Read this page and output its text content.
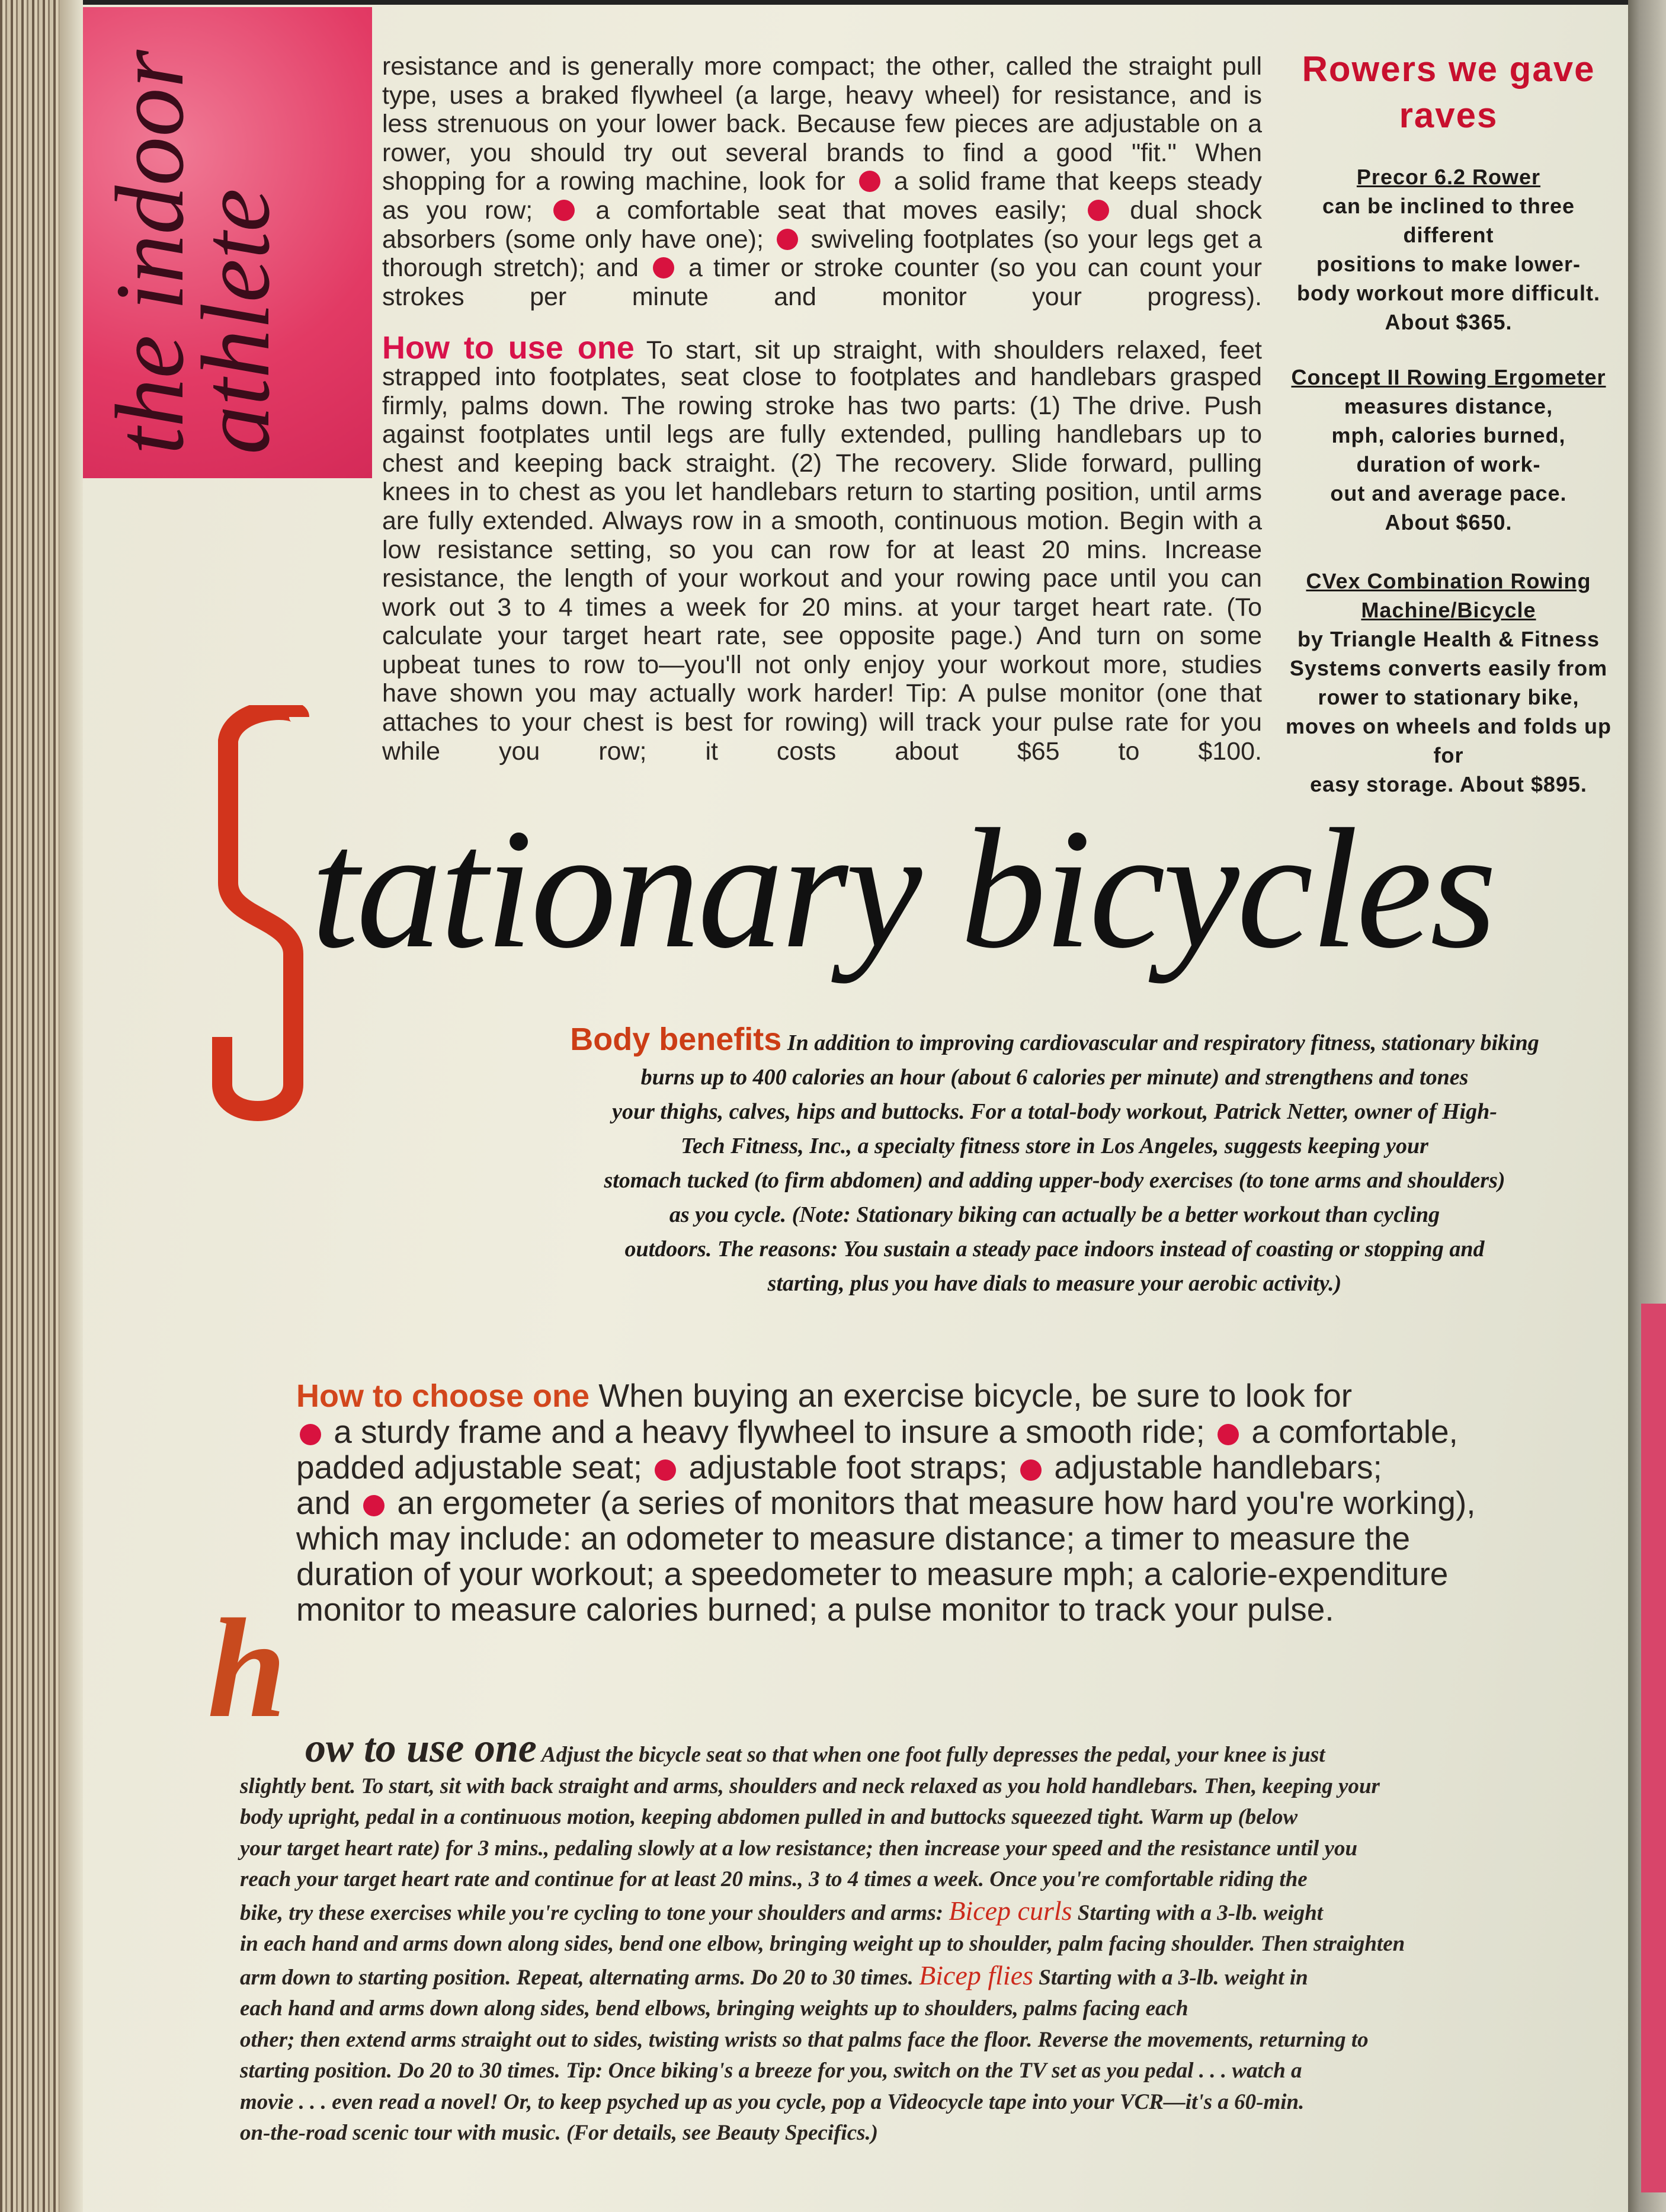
the indoor athlete
resistance and is generally more compact; the other, called the straight pull
type, uses a braked flywheel (a large, heavy wheel) for resistance, and is
less strenuous on your lower back. Because few pieces are adjustable on a
rower, you should try out several brands to find a good "fit." When
shopping for a rowing machine, look for  a solid frame that keeps steady
as you row;  a comfortable seat that moves easily;  dual shock
absorbers (some only have one);  swiveling footplates (so your legs get a
thorough stretch); and  a timer or stroke counter (so you can count your
strokes per minute and monitor your progress).
How to use one To start, sit up straight, with shoulders relaxed, feet
strapped into footplates, seat close to footplates and handlebars grasped
firmly, palms down. The rowing stroke has two parts: (1) The drive. Push
against footplates until legs are fully extended, pulling handlebars up to
chest and keeping back straight. (2) The recovery. Slide forward, pulling
knees in to chest as you let handlebars return to starting position, until arms
are fully extended. Always row in a smooth, continuous motion. Begin with a
low resistance setting, so you can row for at least 20 mins. Increase
resistance, the length of your workout and your rowing pace until you can
work out 3 to 4 times a week for 20 mins. at your target heart rate. (To
calculate your target heart rate, see opposite page.) And turn on some
upbeat tunes to row to—you'll not only enjoy your workout more, studies
have shown you may actually work harder! Tip: A pulse monitor (one that
attaches to your chest is best for rowing) will track your pulse rate for you
while you row; it costs about $65 to $100.
Rowers we gave raves
Precor 6.2 Rower
can be inclined to three different
positions to make lower-
body workout more difficult.
About $365.
Concept II Rowing Ergometer
measures distance,
mph, calories burned,
duration of work-
out and average pace.
About $650.
CVex Combination Rowing Machine/Bicycle
by Triangle Health & Fitness
Systems converts easily from
rower to stationary bike,
moves on wheels and folds up for
easy storage. About $895.
tationary bicycles
Body benefits In addition to improving cardiovascular and respiratory fitness, stationary biking
burns up to 400 calories an hour (about 6 calories per minute) and strengthens and tones
your thighs, calves, hips and buttocks. For a total-body workout, Patrick Netter, owner of High-
Tech Fitness, Inc., a specialty fitness store in Los Angeles, suggests keeping your
stomach tucked (to firm abdomen) and adding upper-body exercises (to tone arms and shoulders)
as you cycle. (Note: Stationary biking can actually be a better workout than cycling
outdoors. The reasons: You sustain a steady pace indoors instead of coasting or stopping and
starting, plus you have dials to measure your aerobic activity.)
How to choose one When buying an exercise bicycle, be sure to look for
a sturdy frame and a heavy flywheel to insure a smooth ride;  a comfortable,
padded adjustable seat;  adjustable foot straps;  adjustable handlebars;
and  an ergometer (a series of monitors that measure how hard you're working),
which may include: an odometer to measure distance; a timer to measure the
duration of your workout; a speedometer to measure mph; a calorie-expenditure
monitor to measure calories burned; a pulse monitor to track your pulse.
h
ow to use one Adjust the bicycle seat so that when one foot fully depresses the pedal, your knee is just
slightly bent. To start, sit with back straight and arms, shoulders and neck relaxed as you hold handlebars. Then, keeping your
body upright, pedal in a continuous motion, keeping abdomen pulled in and buttocks squeezed tight. Warm up (below
your target heart rate) for 3 mins., pedaling slowly at a low resistance; then increase your speed and the resistance until you
reach your target heart rate and continue for at least 20 mins., 3 to 4 times a week. Once you're comfortable riding the
bike, try these exercises while you're cycling to tone your shoulders and arms: Bicep curls Starting with a 3-lb. weight
in each hand and arms down along sides, bend one elbow, bringing weight up to shoulder, palm facing shoulder. Then straighten
arm down to starting position. Repeat, alternating arms. Do 20 to 30 times. Bicep flies Starting with a 3-lb. weight in
each hand and arms down along sides, bend elbows, bringing weights up to shoulders, palms facing each
other; then extend arms straight out to sides, twisting wrists so that palms face the floor. Reverse the movements, returning to
starting position. Do 20 to 30 times. Tip: Once biking's a breeze for you, switch on the TV set as you pedal . . . watch a
movie . . . even read a novel! Or, to keep psyched up as you cycle, pop a Videocycle tape into your VCR—it's a 60-min.
on-the-road scenic tour with music. (For details, see Beauty Specifics.)
